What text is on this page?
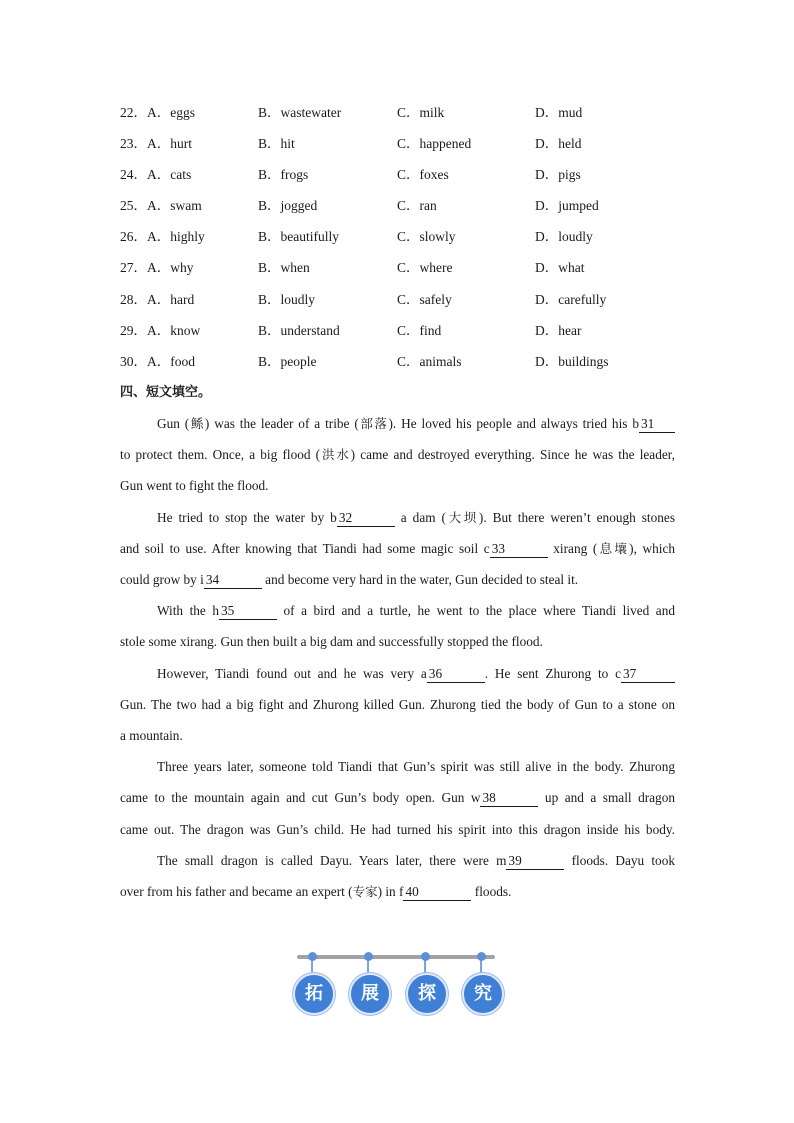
22．A．eggs	B．wastewater	C．milk	D．mud
23．A．hurt	B．hit	C．happened	D．held
24．A．cats	B．frogs	C．foxes	D．pigs
25．A．swam	B．jogged	C．ran	D．jumped
26．A．highly	B．beautifully	C．slowly	D．loudly
27．A．why	B．when	C．where	D．what
28．A．hard	B．loudly	C．safely	D．carefully
29．A．know	B．understand	C．find	D．hear
30．A．food	B．people	C．animals	D．buildings
四、短文填空。
Gun (鲧) was the leader of a tribe (部落). He loved his people and always tried his b 31
to protect them. Once, a big flood (洪水) came and destroyed everything. Since he was the leader,
Gun went to fight the flood.
He tried to stop the water by b 32	a dam (大坝). But there weren’t enough stones
and soil to use. After knowing that Tiandi had some magic soil c 33	xirang (息壤), which
could grow by i 34	and become very hard in the water, Gun decided to steal it.
With the h 35	of a bird and a turtle, he went to the place where Tiandi lived and
stole some xirang. Gun then built a big dam and successfully stopped the flood.
However, Tiandi found out and he was very a 36	. He sent Zhurong to c 37
Gun. The two had a big fight and Zhurong killed Gun. Zhurong tied the body of Gun to a stone on
a mountain.
Three years later, someone told Tiandi that Gun’s spirit was still alive in the body. Zhurong
came to the mountain again and cut Gun’s body open. Gun w 38	up and a small dragon
came out. The dragon was Gun’s child. He had turned his spirit into this dragon inside his body.
The small dragon is called Dayu. Years later, there were m 39	floods. Dayu took
over from his father and became an expert (专家) in f 40	floods.
拓	展	探	究
